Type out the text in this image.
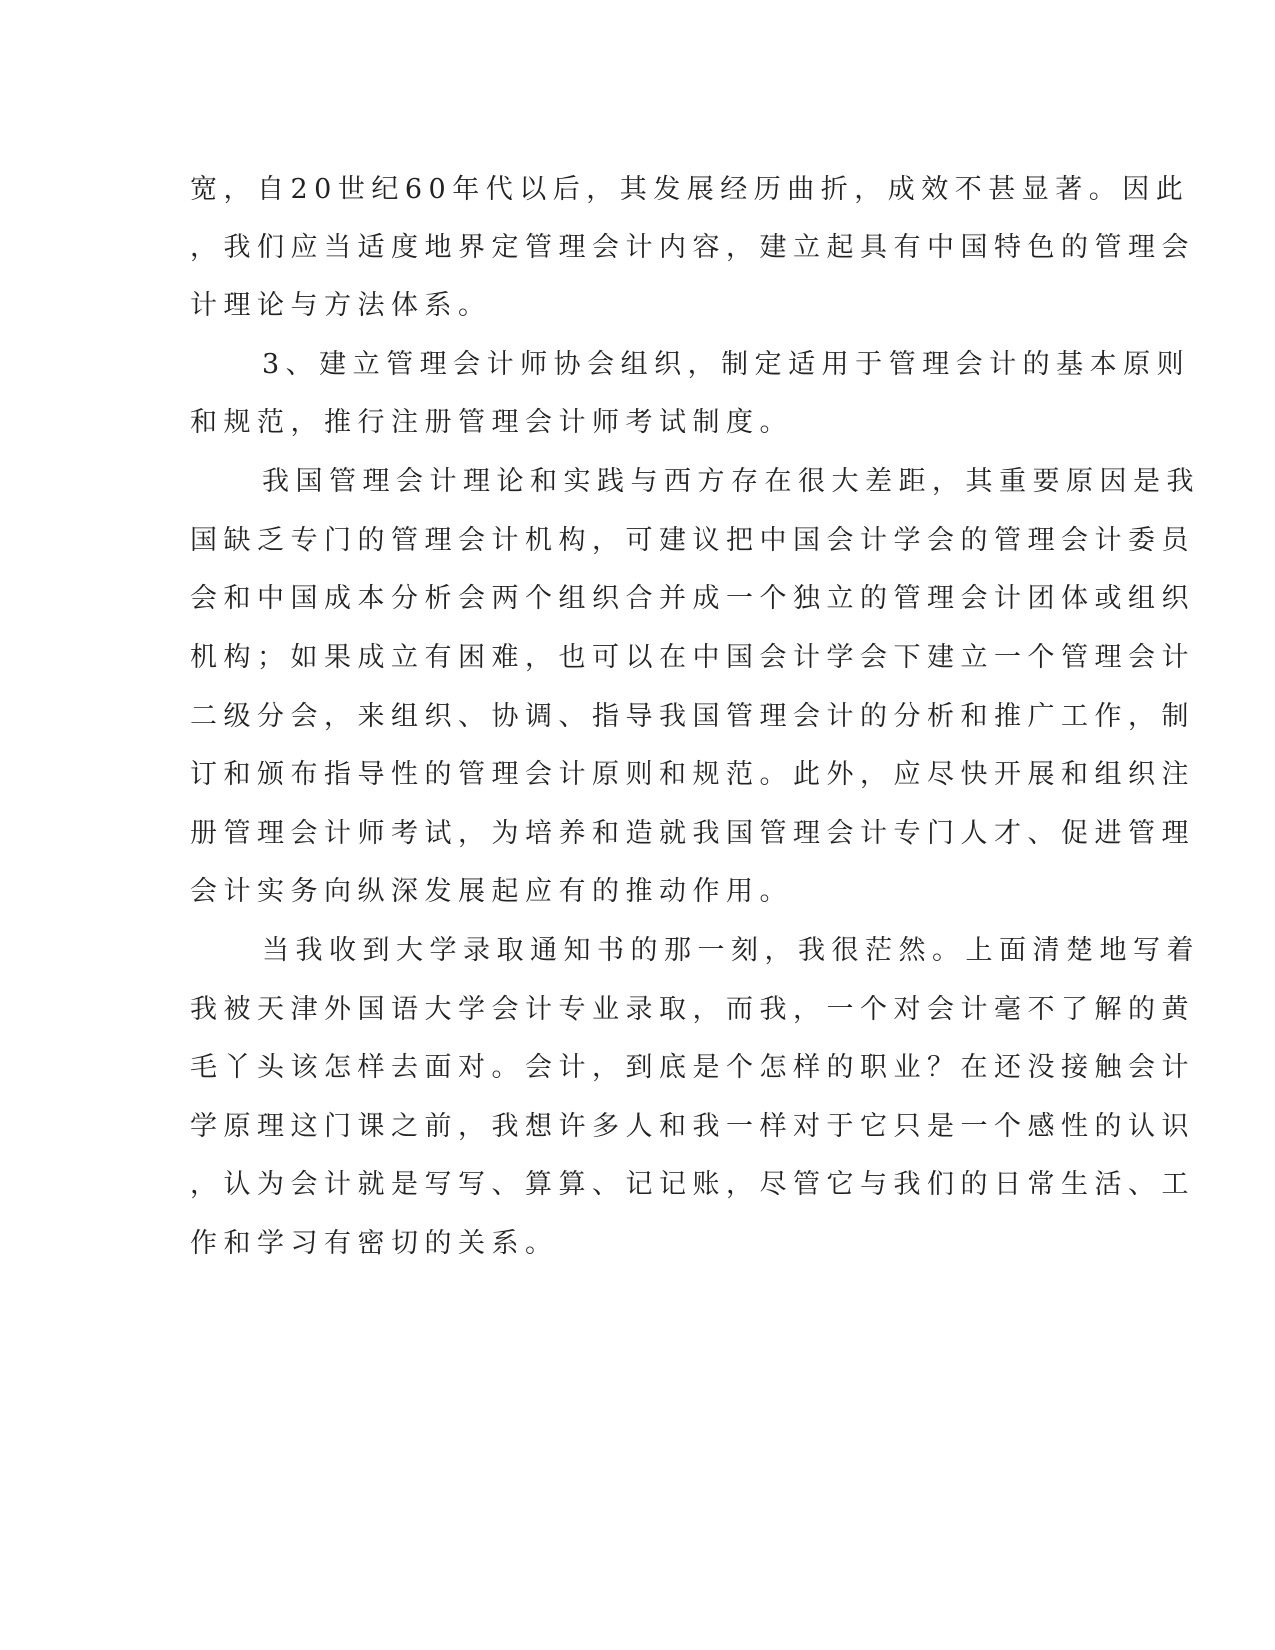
宽，自20世纪60年代以后，其发展经历曲折，成效不甚显著。因此

，我们应当适度地界定管理会计内容，建立起具有中国特色的管理会

计理论与方法体系。

3、建立管理会计师协会组织，制定适用于管理会计的基本原则

和规范，推行注册管理会计师考试制度。

我国管理会计理论和实践与西方存在很大差距，其重要原因是我

国缺乏专门的管理会计机构，可建议把中国会计学会的管理会计委员

会和中国成本分析会两个组织合并成一个独立的管理会计团体或组织

机构；如果成立有困难，也可以在中国会计学会下建立一个管理会计

二级分会，来组织、协调、指导我国管理会计的分析和推广工作，制

订和颁布指导性的管理会计原则和规范。此外，应尽快开展和组织注

册管理会计师考试，为培养和造就我国管理会计专门人才、促进管理

会计实务向纵深发展起应有的推动作用。

当我收到大学录取通知书的那一刻，我很茫然。上面清楚地写着

我被天津外国语大学会计专业录取，而我，一个对会计毫不了解的黄

毛丫头该怎样去面对。会计，到底是个怎样的职业？在还没接触会计

学原理这门课之前，我想许多人和我一样对于它只是一个感性的认识

，认为会计就是写写、算算、记记账，尽管它与我们的日常生活、工

作和学习有密切的关系。
